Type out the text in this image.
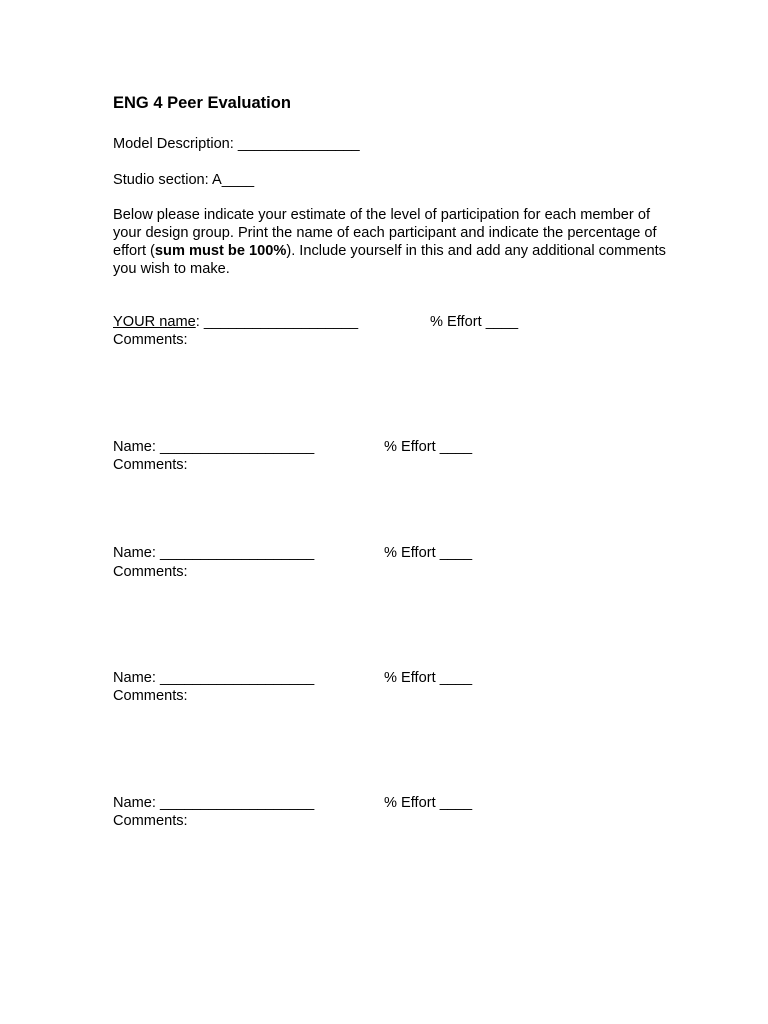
ENG 4 Peer Evaluation
Model Description: _______________
Studio section: A____
Below please indicate your estimate of the level of participation for each member of your design group. Print the name of each participant and indicate the percentage of effort (sum must be 100%). Include yourself in this and add any additional comments you wish to make.
YOUR name: ___________________	% Effort ____
Comments:
Name: ___________________	% Effort ____
Comments:
Name: ___________________	% Effort ____
Comments:
Name: ___________________	% Effort ____
Comments:
Name: ___________________	% Effort ____
Comments:
